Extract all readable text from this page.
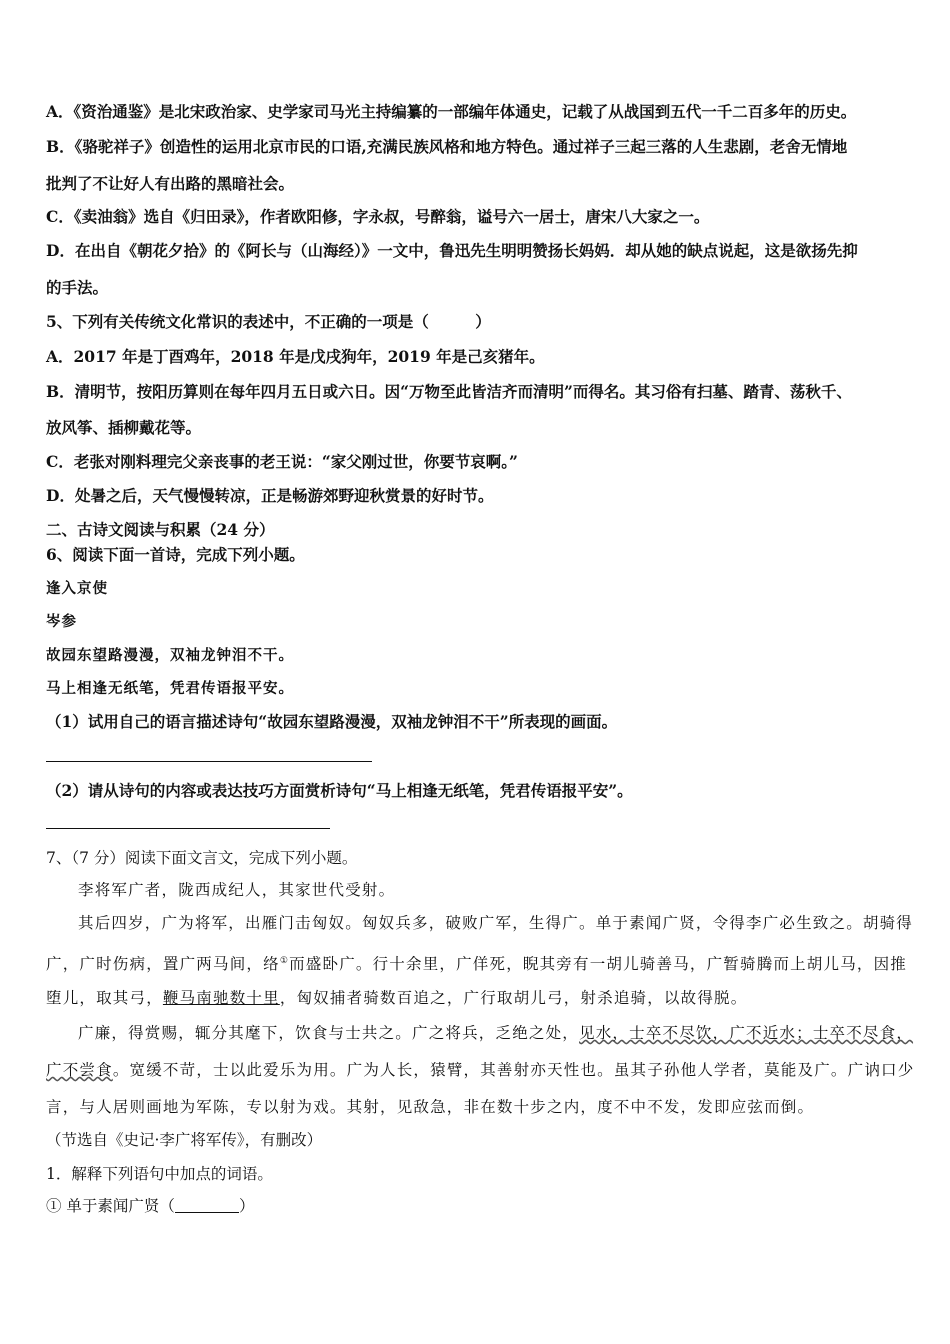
A．《资治通鉴》是北宋政治家、史学家司马光主持编纂的一部编年体通史，记载了从战国到五代一千二百多年的历史。
B．《骆驼祥子》创造性的运用北京市民的口语,充满民族风格和地方特色。通过祥子三起三落的人生悲剧，老舍无情地
批判了不让好人有出路的黑暗社会。
C．《卖油翁》选自《归田录》，作者欧阳修，字永叔，号醉翁，谥号六一居士，唐宋八大家之一。
D．在出自《朝花夕拾》的《阿长与（山海经）》一文中，鲁迅先生明明赞扬长妈妈．却从她的缺点说起，这是欲扬先抑
的手法。
5、下列有关传统文化常识的表述中，不正确的一项是（　　　）
A．2017 年是丁酉鸡年，2018 年是戊戌狗年，2019 年是己亥猪年。
B．清明节，按阳历算则在每年四月五日或六日。因“万物至此皆洁齐而清明”而得名。其习俗有扫墓、踏青、荡秋千、
放风筝、插柳戴花等。
C．老张对刚料理完父亲丧事的老王说：“家父刚过世，你要节哀啊。”
D．处暑之后，天气慢慢转凉，正是畅游郊野迎秋赏景的好时节。
二、古诗文阅读与积累（24 分）
6、阅读下面一首诗，完成下列小题。
逢入京使
岑参
故园东望路漫漫，双袖龙钟泪不干。
马上相逢无纸笔，凭君传语报平安。
（1）试用自己的语言描述诗句“故园东望路漫漫，双袖龙钟泪不干”所表现的画面。
（2）请从诗句的内容或表达技巧方面赏析诗句“马上相逢无纸笔，凭君传语报平安”。
7、（7 分）阅读下面文言文，完成下列小题。
李将军广者，陇西成纪人，其家世代受射。
其后四岁，广为将军，出雁门击匈奴。匈奴兵多，破败广军，生得广。单于素闻广贤，令得李广必生致之。胡骑得
广，广时伤病，置广两马间，络①而盛卧广。行十余里，广佯死，睨其旁有一胡儿骑善马，广暂骑腾而上胡儿马，因推
堕儿，取其弓，鞭马南驰数十里，匈奴捕者骑数百追之，广行取胡儿弓，射杀追骑，以故得脱。
广廉，得赏赐，辄分其麾下，饮食与士共之。广之将兵，乏绝之处，见水，士卒不尽饮，广不近水；士卒不尽食，
广不尝食。宽缓不苛，士以此爱乐为用。广为人长，猿臂，其善射亦天性也。虽其子孙他人学者，莫能及广。广讷口少
言，与人居则画地为军陈，专以射为戏。其射，见敌急，非在数十步之内，度不中不发，发即应弦而倒。
（节选自《史记·李广将军传》，有删改）
1．解释下列语句中加点的词语。
① 单于素闻广贤（	）
